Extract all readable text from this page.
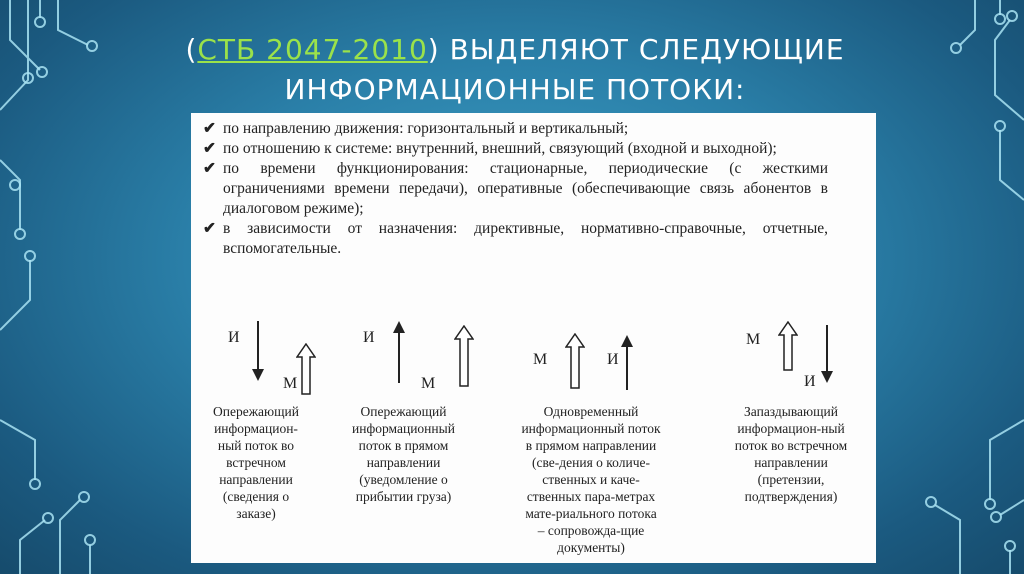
(СТБ 2047-2010) ВЫДЕЛЯЮТ СЛЕДУЮЩИЕ
ИНФОРМАЦИОННЫЕ ПОТОКИ:
✔ по направлению движения: горизонтальный и вертикальный;
✔ по отношению к системе: внутренний, внешний, связующий (входной и выходной);
✔ по времени функционирования: стационарные, периодические (с жесткими ограничениями времени передачи), оперативные (обеспечивающие связь абонентов в диалоговом режиме);
✔ в зависимости от назначения: директивные, нормативно-справочные, отчетные, вспомогательные.
И
М
И
М
М	И
М
И
Опережающий
информацион-
ный поток во
встречном
направлении
(сведения о
заказе)
Опережающий
информационный
поток в прямом
направлении
(уведомление о
прибытии груза)
Одновременный
информационный поток
в прямом направлении
(све-дения о количе-
ственных и каче-
ственных пара-метрах
мате-риального потока
– сопровожда-щие
документы)
Запаздывающий
информацион-ный
поток во встречном
направлении
(претензии,
подтверждения)
